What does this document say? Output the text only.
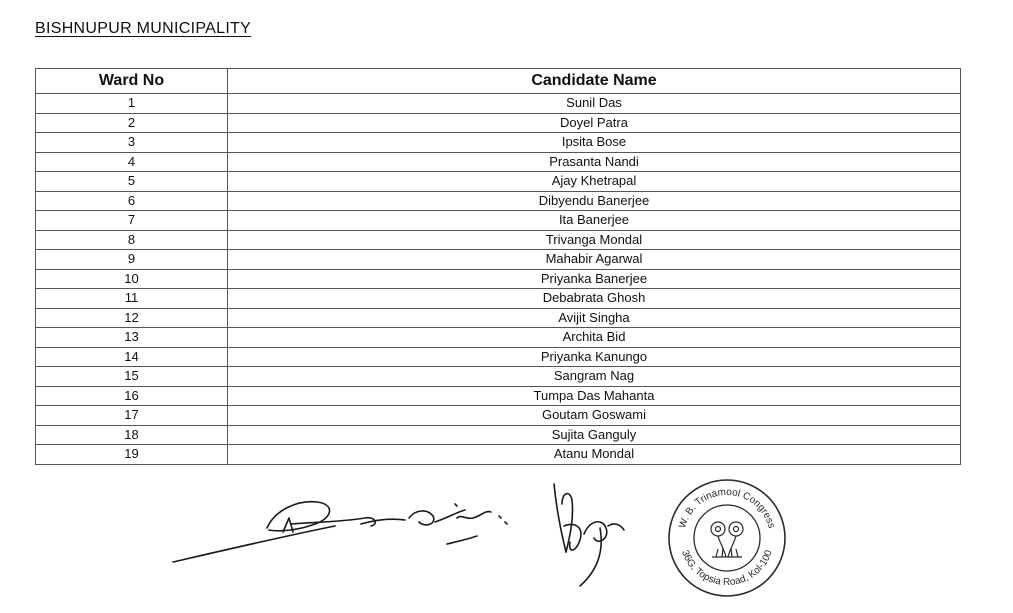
BISHNUPUR MUNICIPALITY
Ward No	Candidate Name
1	Sunil Das
2	Doyel Patra
3	Ipsita Bose
4	Prasanta Nandi
5	Ajay Khetrapal
6	Dibyendu Banerjee
7	Ita Banerjee
8	Trivanga Mondal
9	Mahabir Agarwal
10	Priyanka Banerjee
11	Debabrata Ghosh
12	Avijit Singha
13	Archita Bid
14	Priyanka Kanungo
15	Sangram Nag
16	Tumpa Das Mahanta
17	Goutam Goswami
18	Sujita Ganguly
19	Atanu Mondal
W. B. Trinamool Congress
36G, Topsia Road, Kol-100
